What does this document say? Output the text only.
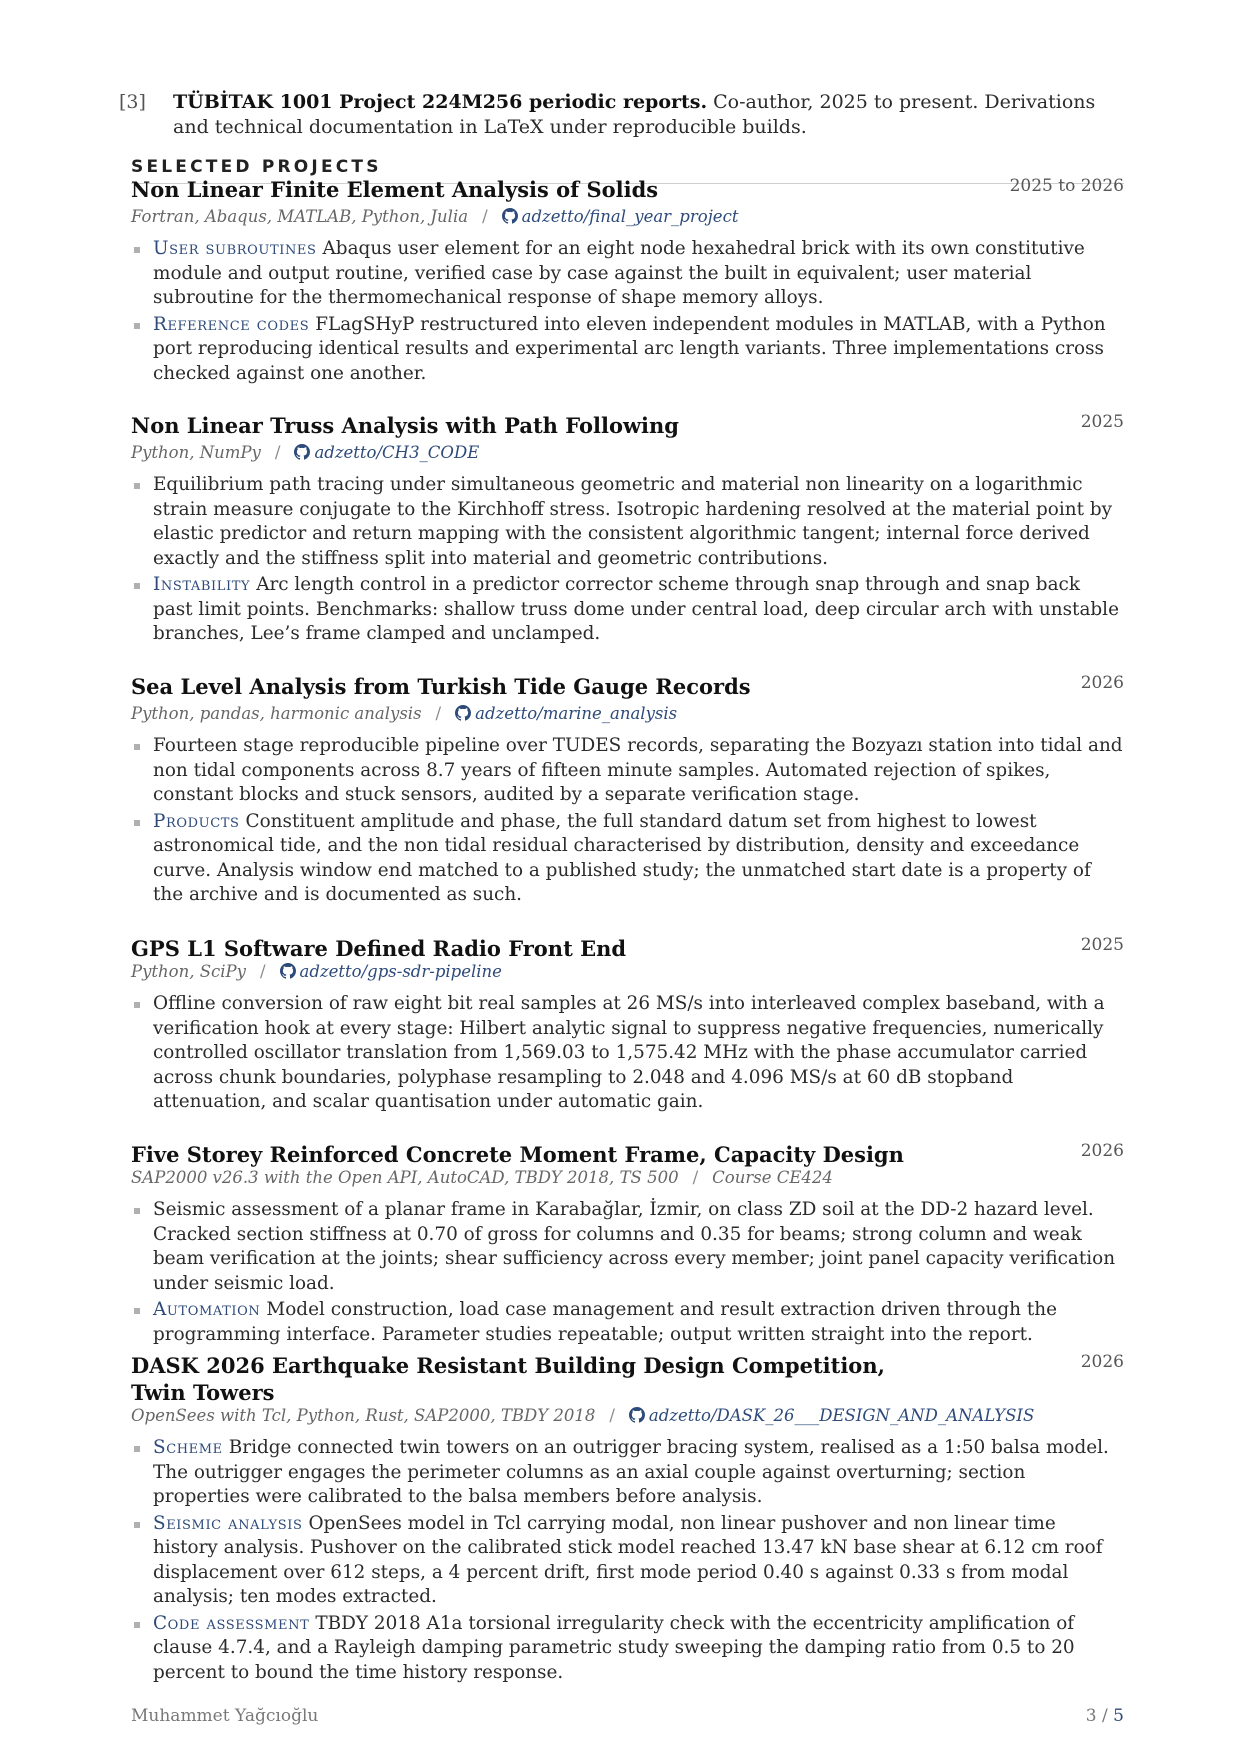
[3] TÜBİTAK 1001 Project 224M256 periodic reports. Co-author, 2025 to present. Derivations and technical documentation in LaTeX under reproducible builds.
SELECTED PROJECTS
Non Linear Finite Element Analysis of Solids	2025 to 2026
Fortran, Abaqus, MATLAB, Python, Julia / adzetto/final_year_project
User subroutines Abaqus user element for an eight node hexahedral brick with its own constitutive module and output routine, verified case by case against the built in equivalent; user material subroutine for the thermomechanical response of shape memory alloys.
Reference codes FLagSHyP restructured into eleven independent modules in MATLAB, with a Python port reproducing identical results and experimental arc length variants. Three implementations cross checked against one another.
Non Linear Truss Analysis with Path Following	2025
Python, NumPy / adzetto/CH3_CODE
Equilibrium path tracing under simultaneous geometric and material non linearity on a logarithmic strain measure conjugate to the Kirchhoff stress. Isotropic hardening resolved at the material point by elastic predictor and return mapping with the consistent algorithmic tangent; internal force derived exactly and the stiffness split into material and geometric contributions.
Instability Arc length control in a predictor corrector scheme through snap through and snap back past limit points. Benchmarks: shallow truss dome under central load, deep circular arch with unstable branches, Lee’s frame clamped and unclamped.
Sea Level Analysis from Turkish Tide Gauge Records	2026
Python, pandas, harmonic analysis / adzetto/marine_analysis
Fourteen stage reproducible pipeline over TUDES records, separating the Bozyazı station into tidal and non tidal components across 8.7 years of fifteen minute samples. Automated rejection of spikes, constant blocks and stuck sensors, audited by a separate verification stage.
Products Constituent amplitude and phase, the full standard datum set from highest to lowest astronomical tide, and the non tidal residual characterised by distribution, density and exceedance curve. Analysis window end matched to a published study; the unmatched start date is a property of the archive and is documented as such.
GPS L1 Software Defined Radio Front End	2025
Python, SciPy / adzetto/gps-sdr-pipeline
Offline conversion of raw eight bit real samples at 26 MS/s into interleaved complex baseband, with a verification hook at every stage: Hilbert analytic signal to suppress negative frequencies, numerically controlled oscillator translation from 1,569.03 to 1,575.42 MHz with the phase accumulator carried across chunk boundaries, polyphase resampling to 2.048 and 4.096 MS/s at 60 dB stopband attenuation, and scalar quantisation under automatic gain.
Five Storey Reinforced Concrete Moment Frame, Capacity Design	2026
SAP2000 v26.3 with the Open API, AutoCAD, TBDY 2018, TS 500 / Course CE424
Seismic assessment of a planar frame in Karabağlar, İzmir, on class ZD soil at the DD-2 hazard level. Cracked section stiffness at 0.70 of gross for columns and 0.35 for beams; strong column and weak beam verification at the joints; shear sufficiency across every member; joint panel capacity verification under seismic load.
Automation Model construction, load case management and result extraction driven through the programming interface. Parameter studies repeatable; output written straight into the report.
DASK 2026 Earthquake Resistant Building Design Competition, Twin Towers
2026
OpenSees with Tcl, Python, Rust, SAP2000, TBDY 2018 / adzetto/DASK_26___DESIGN_AND_ANALYSIS
Scheme Bridge connected twin towers on an outrigger bracing system, realised as a 1:50 balsa model. The outrigger engages the perimeter columns as an axial couple against overturning; section properties were calibrated to the balsa members before analysis.
Seismic analysis OpenSees model in Tcl carrying modal, non linear pushover and non linear time history analysis. Pushover on the calibrated stick model reached 13.47 kN base shear at 6.12 cm roof displacement over 612 steps, a 4 percent drift, first mode period 0.40 s against 0.33 s from modal analysis; ten modes extracted.
Code assessment TBDY 2018 A1a torsional irregularity check with the eccentricity amplification of clause 4.7.4, and a Rayleigh damping parametric study sweeping the damping ratio from 0.5 to 20 percent to bound the time history response.
Muhammet Yağcıoğlu	3 / 5
